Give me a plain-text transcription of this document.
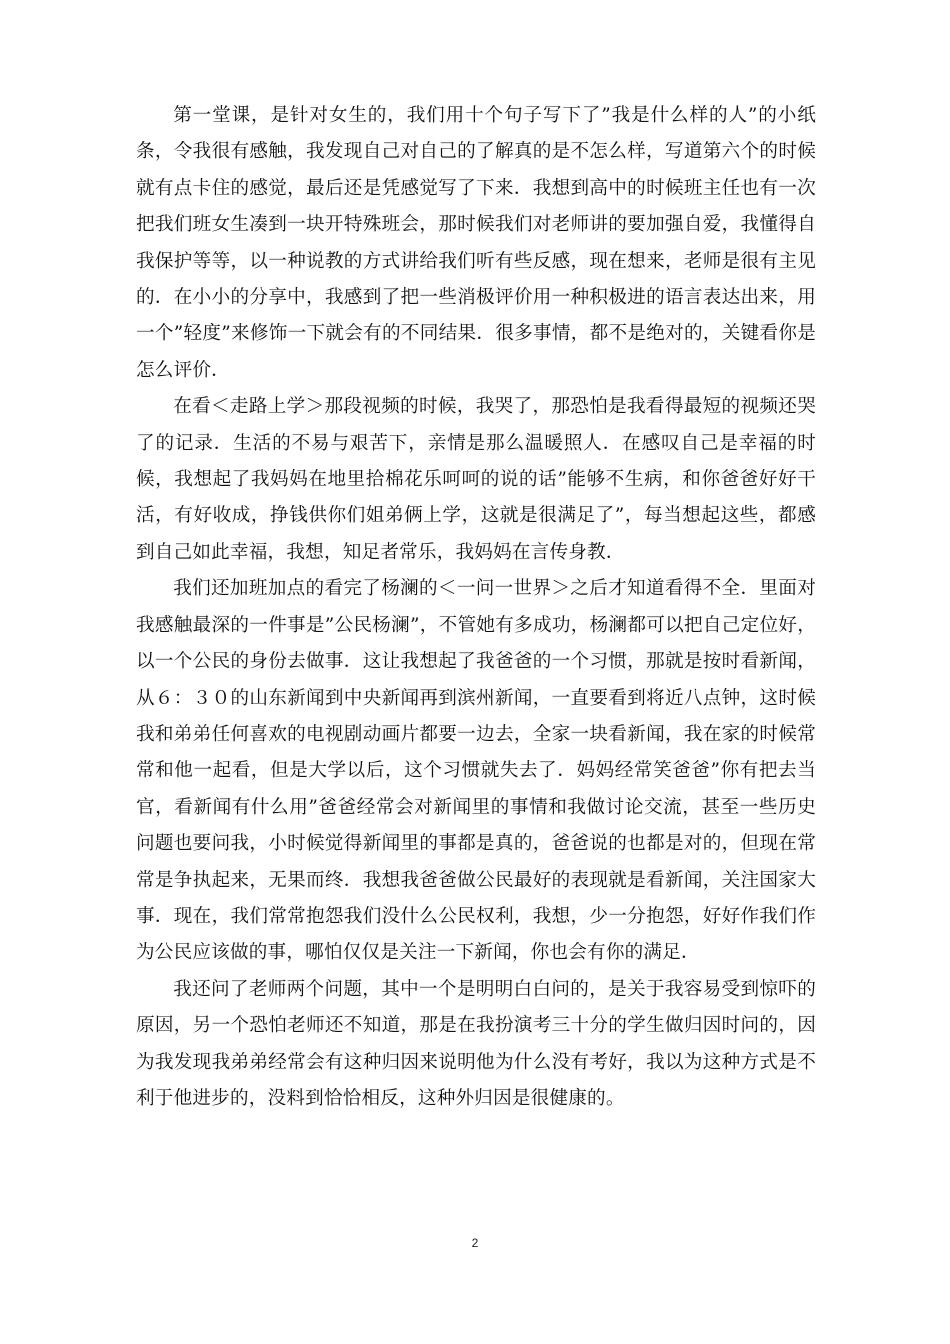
第一堂课，是针对女生的，我们用十个句子写下了”我是什么样的人”的小纸条，令我很有感触，我发现自己对自己的了解真的是不怎么样，写道第六个的时候就有点卡住的感觉，最后还是凭感觉写了下来．我想到高中的时候班主任也有一次把我们班女生凑到一块开特殊班会，那时候我们对老师讲的要加强自爱，我懂得自我保护等等，以一种说教的方式讲给我们听有些反感，现在想来，老师是很有主见的．在小小的分享中，我感到了把一些消极评价用一种积极进的语言表达出来，用一个”轻度”来修饰一下就会有的不同结果．很多事情，都不是绝对的，关键看你是怎么评价．

在看＜走路上学＞那段视频的时候，我哭了，那恐怕是我看得最短的视频还哭了的记录．生活的不易与艰苦下，亲情是那么温暖照人．在感叹自己是幸福的时候，我想起了我妈妈在地里拾棉花乐呵呵的说的话”能够不生病，和你爸爸好好干活，有好收成，挣钱供你们姐弟俩上学，这就是很满足了”，每当想起这些，都感到自己如此幸福，我想，知足者常乐，我妈妈在言传身教．

我们还加班加点的看完了杨澜的＜一问一世界＞之后才知道看得不全．里面对我感触最深的一件事是”公民杨澜”，不管她有多成功，杨澜都可以把自己定位好，以一个公民的身份去做事．这让我想起了我爸爸的一个习惯，那就是按时看新闻，从６：３０的山东新闻到中央新闻再到滨州新闻，一直要看到将近八点钟，这时候我和弟弟任何喜欢的电视剧动画片都要一边去，全家一块看新闻，我在家的时候常常和他一起看，但是大学以后，这个习惯就失去了．妈妈经常笑爸爸”你有把去当官，看新闻有什么用”爸爸经常会对新闻里的事情和我做讨论交流，甚至一些历史问题也要问我，小时候觉得新闻里的事都是真的，爸爸说的也都是对的，但现在常常是争执起来，无果而终．我想我爸爸做公民最好的表现就是看新闻，关注国家大事．现在，我们常常抱怨我们没什么公民权利，我想，少一分抱怨，好好作我们作为公民应该做的事，哪怕仅仅是关注一下新闻，你也会有你的满足．

我还问了老师两个问题，其中一个是明明白白问的，是关于我容易受到惊吓的原因，另一个恐怕老师还不知道，那是在我扮演考三十分的学生做归因时问的，因为我发现我弟弟经常会有这种归因来说明他为什么没有考好，我以为这种方式是不利于他进步的，没料到恰恰相反，这种外归因是很健康的。

2
